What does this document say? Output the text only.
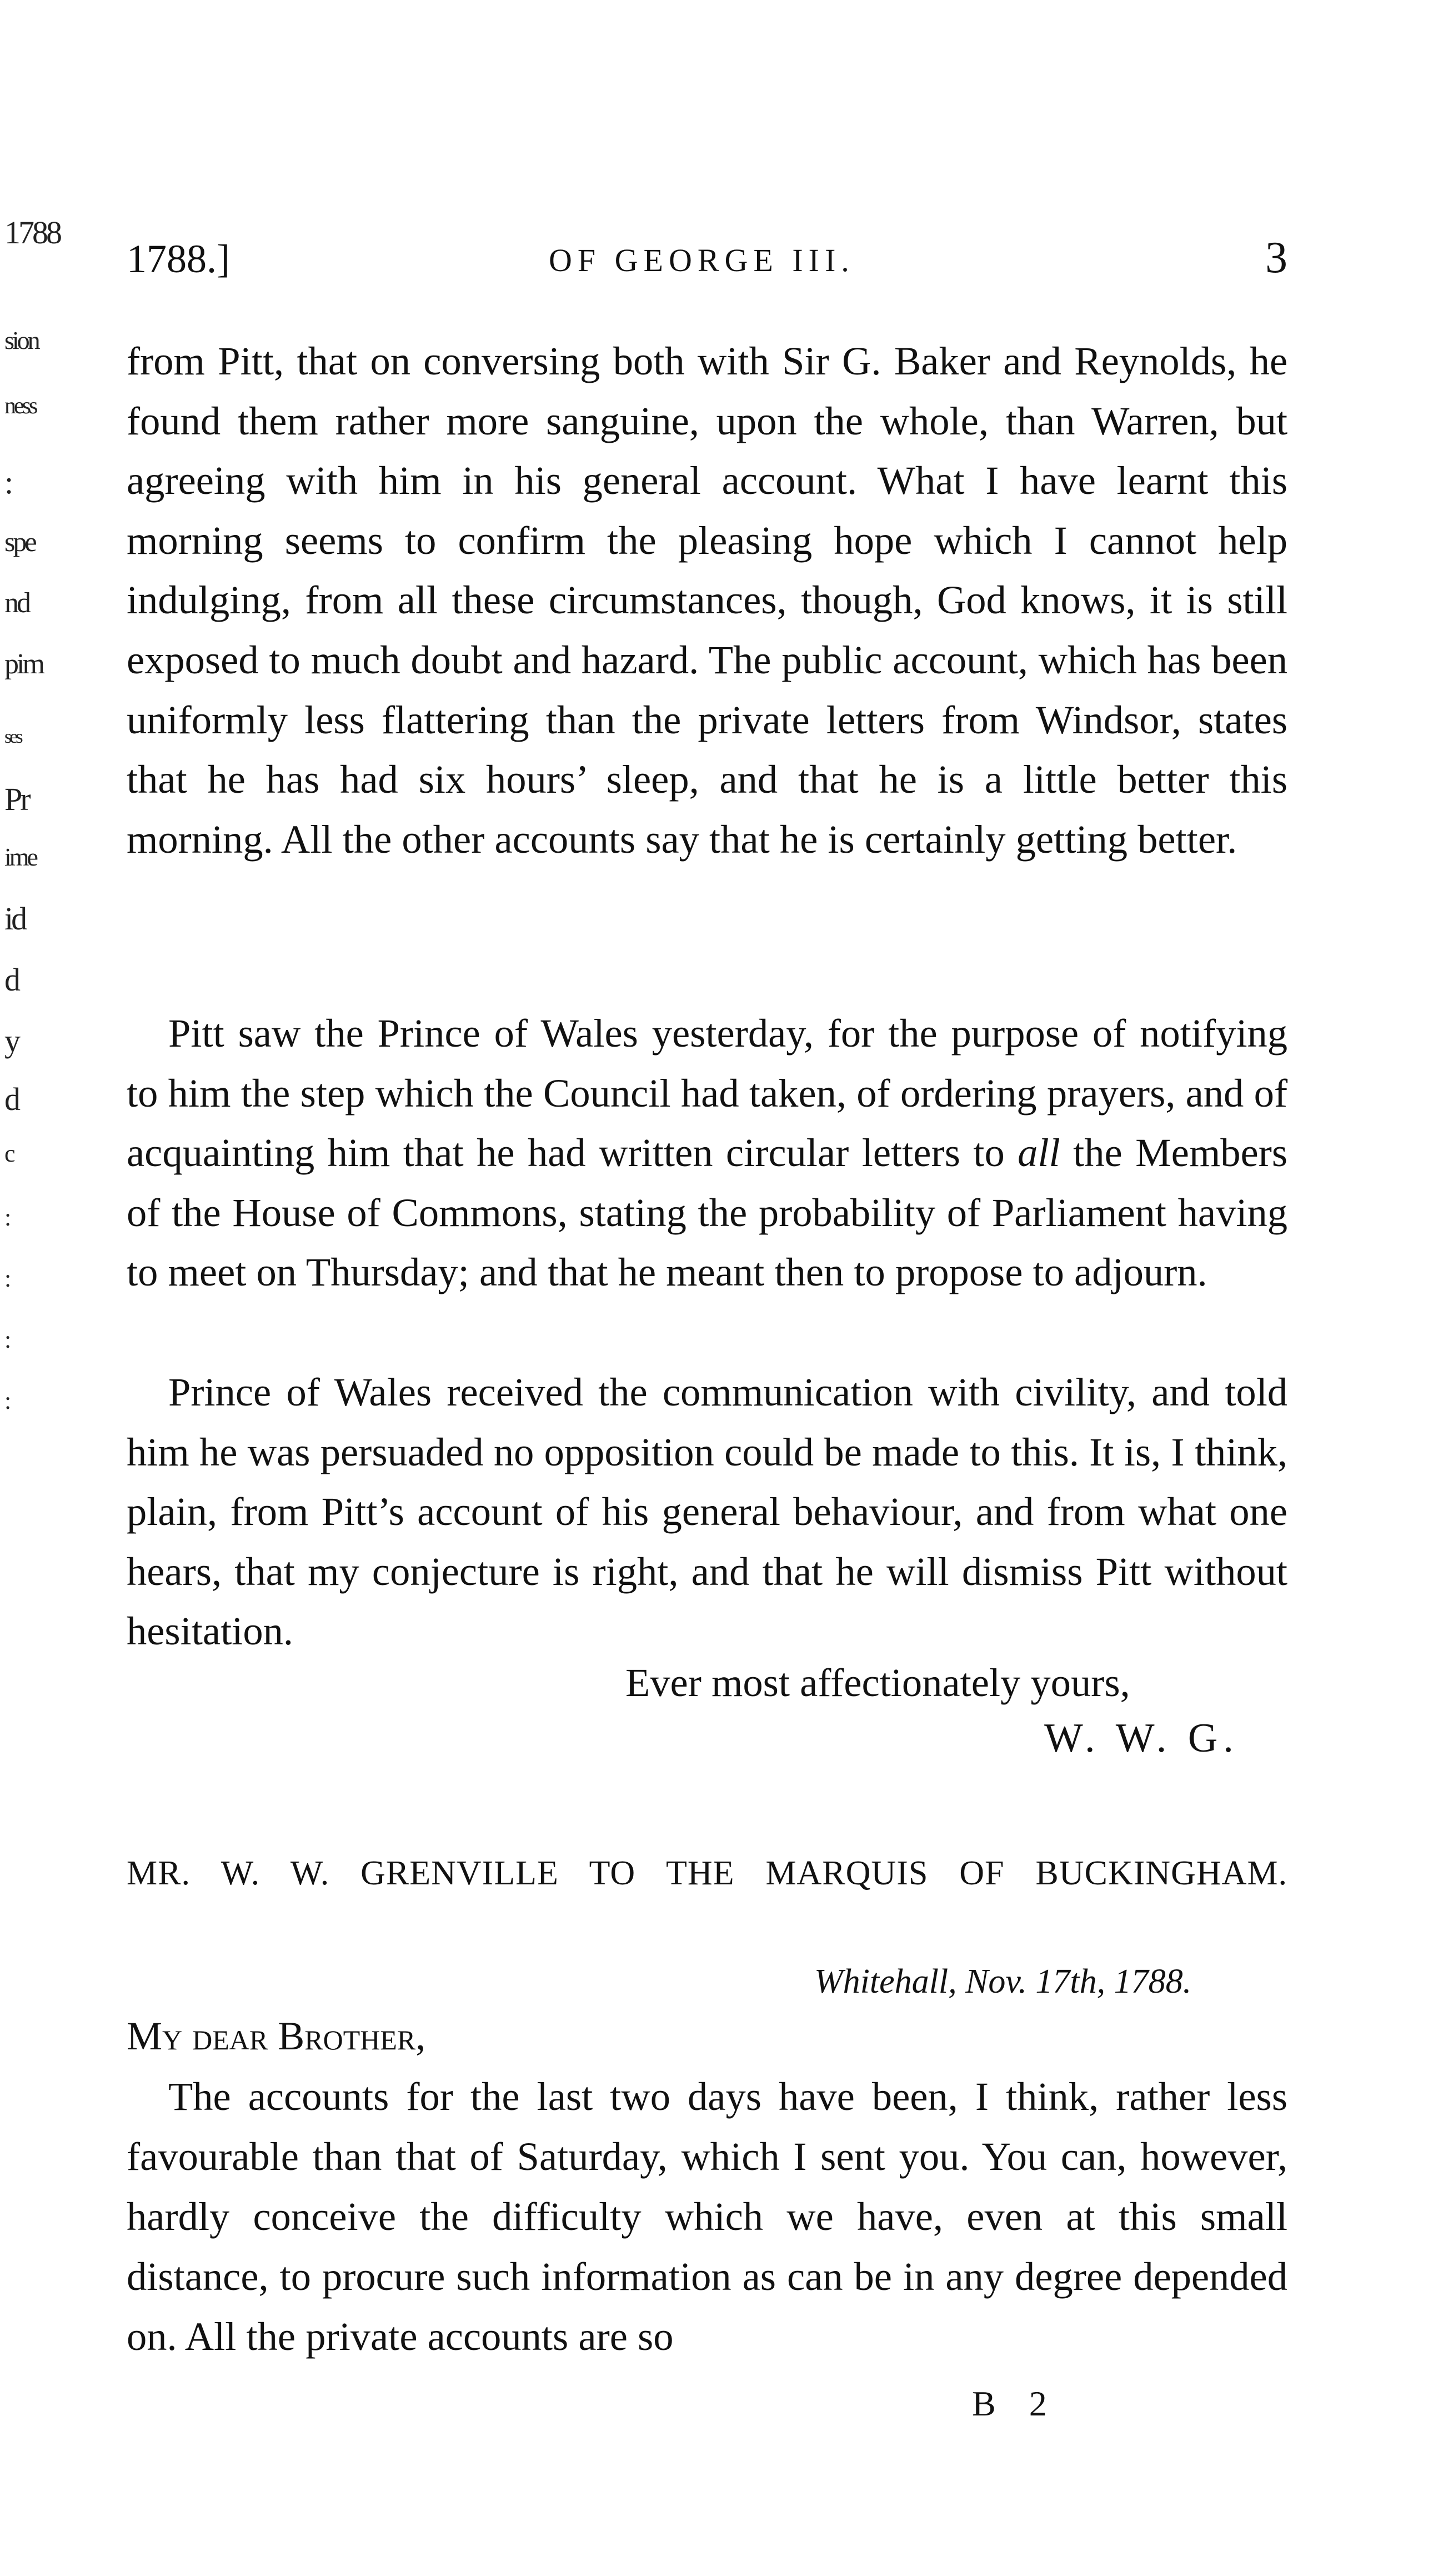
1788
sion
ness
:
spe
nd
pim
ses
Pr
ime
id
d
y
d
c
:
:
:
:
1788.]	OF GEORGE III.	3

from Pitt, that on conversing both with Sir G. Baker and Reynolds, he found them rather more sanguine, upon the whole, than Warren, but agreeing with him in his general account. What I have learnt this morning seems to confirm the pleasing hope which I cannot help indulging, from all these circumstances, though, God knows, it is still exposed to much doubt and hazard. The public account, which has been uniformly less flattering than the private letters from Windsor, states that he has had six hours’ sleep, and that he is a little better this morning. All the other accounts say that he is certainly getting better.

Pitt saw the Prince of Wales yesterday, for the purpose of notifying to him the step which the Council had taken, of ordering prayers, and of acquainting him that he had written circular letters to all the Members of the House of Commons, stating the probability of Parliament having to meet on Thursday; and that he meant then to propose to adjourn.

Prince of Wales received the communication with civility, and told him he was persuaded no opposition could be made to this. It is, I think, plain, from Pitt’s account of his general behaviour, and from what one hears, that my conjecture is right, and that he will dismiss Pitt without hesitation.

Ever most affectionately yours,
W. W. G.
MR. W. W. GRENVILLE TO THE MARQUIS OF BUCKINGHAM.
Whitehall, Nov. 17th, 1788.
My dear Brother,

The accounts for the last two days have been, I think, rather less favourable than that of Saturday, which I sent you. You can, however, hardly conceive the difficulty which we have, even at this small distance, to procure such information as can be in any degree depended on. All the private accounts are so

B 2
